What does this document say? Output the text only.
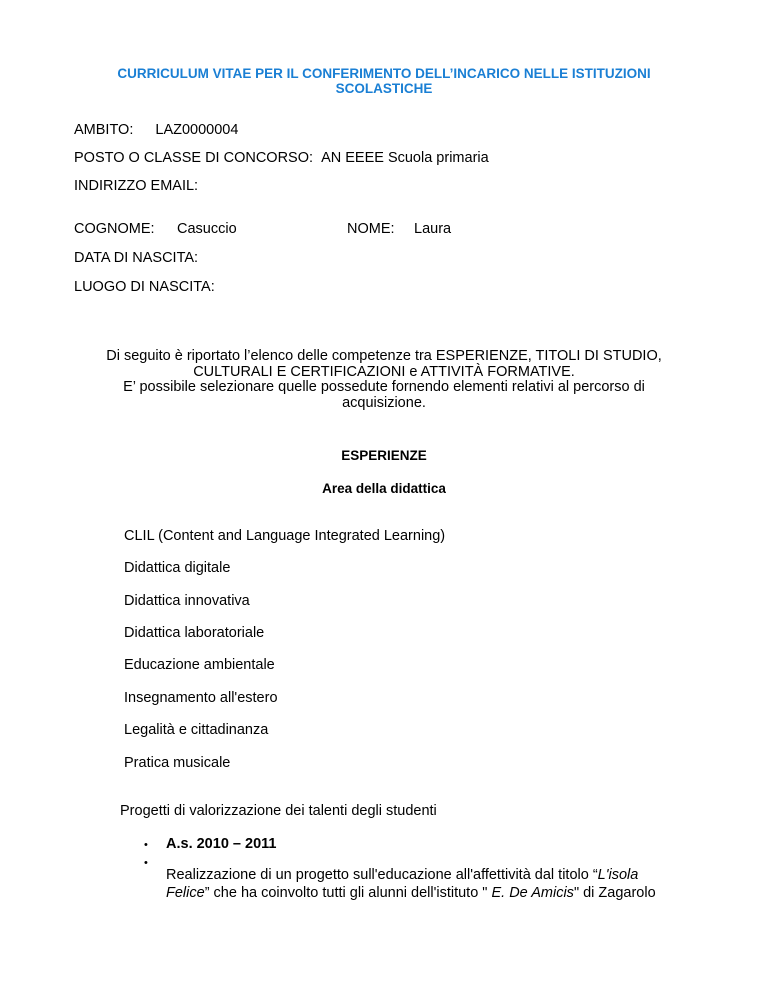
CURRICULUM VITAE PER IL CONFERIMENTO DELL’INCARICO NELLE ISTITUZIONI
SCOLASTICHE
AMBITO: LAZ0000004
POSTO O CLASSE DI CONCORSO: AN EEEE Scuola primaria
INDIRIZZO EMAIL:
COGNOME: Casuccio	NOME: Laura
DATA DI NASCITA:
LUOGO DI NASCITA:
Di seguito è riportato l’elenco delle competenze tra ESPERIENZE, TITOLI DI STUDIO,
CULTURALI E CERTIFICAZIONI e ATTIVITÀ FORMATIVE.
E’ possibile selezionare quelle possedute fornendo elementi relativi al percorso di
acquisizione.
ESPERIENZE
Area della didattica
CLIL (Content and Language Integrated Learning)
Didattica digitale
Didattica innovativa
Didattica laboratoriale
Educazione ambientale
Insegnamento all'estero
Legalità e cittadinanza
Pratica musicale
Progetti di valorizzazione dei talenti degli studenti
• A.s. 2010 – 2011
•
Realizzazione di un progetto sull'educazione all'affettività dal titolo “L'isola
Felice” che ha coinvolto tutti gli alunni dell'istituto " E. De Amicis" di Zagarolo
